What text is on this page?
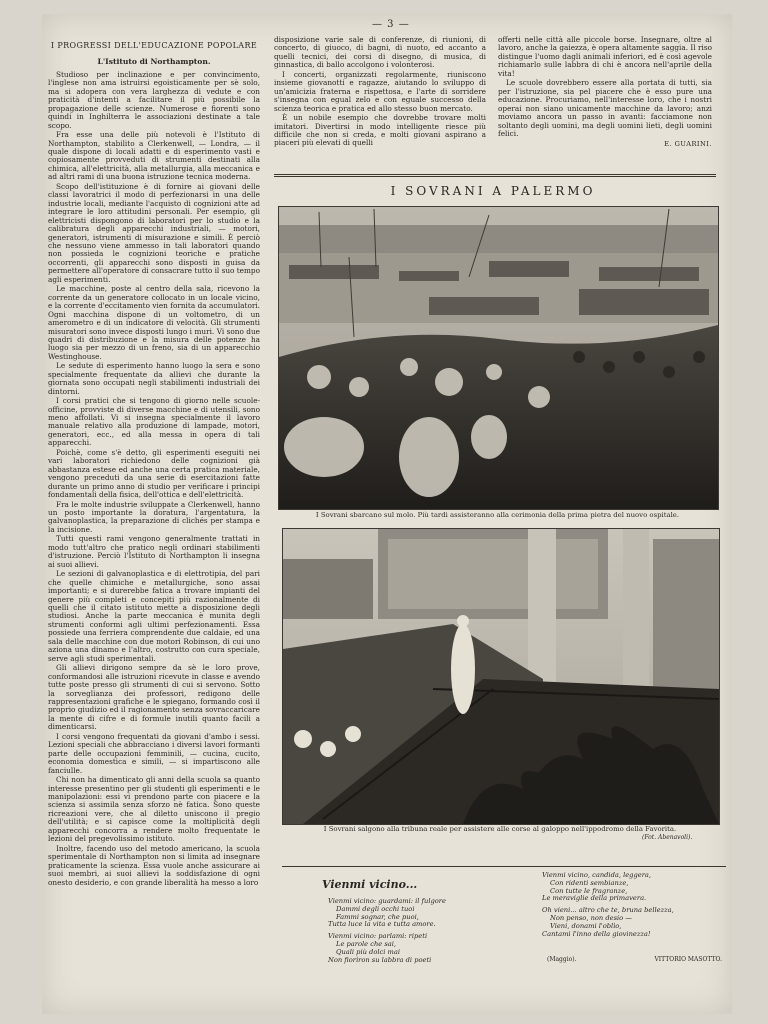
— 3 —
I PROGRESSI DELL'EDUCAZIONE POPOLARE
L'Istituto di Northampton.

Studioso per inclinazione e per convincimento, l'inglese non ama istruirsi egoisticamente per sè solo, ma si adopera con vera larghezza di vedute e con praticità d'intenti a facilitare il più possibile la propagazione delle scienze. Numerose e fiorenti sono quindi in Inghilterra le associazioni destinate a tale scopo.

Fra esse una delle più notevoli è l'Istituto di Northampton, stabilito a Clerkenwell, — Londra, — il quale dispone di locali adatti e di esperimento vasti e copiosamente provveduti di strumenti destinati alla chimica, all'elettricità, alla metallurgia, alla meccanica e ad altri rami di una buona istruzione tecnica moderna.

Scopo dell'istituzione è di fornire ai giovani delle classi lavoratrici il modo di perfezionarsi in una delle industrie locali, mediante l'acquisto di cognizioni atte ad integrare le loro attitudini personali. Per esempio, gli elettricisti dispongono di laboratori per lo studio e la calibratura degli apparecchi industriali, — motori, generatori, istrumenti di misurazione e simili. È perciò che nessuno viene ammesso in tali laboratori quando non possieda le cognizioni teoriche e pratiche occorrenti, gli apparecchi sono disposti in guisa da permettere all'operatore di consacrare tutto il suo tempo agli esperimenti.

Le macchine, poste al centro della sala, ricevono la corrente da un generatore collocato in un locale vicino, e la corrente d'eccitamento vien fornita da accumulatori. Ogni macchina dispone di un voltometro, di un amerometro e di un indicatore di velocità. Gli strumenti misuratori sono invece disposti lungo i muri. Vi sono due quadri di distribuzione e la misura delle potenze ha luogo sia per mezzo di un freno, sia di un apparecchio Westinghouse.

Le sedute di esperimento hanno luogo la sera e sono specialmente frequentate da allievi che durante la giornata sono occupati negli stabilimenti industriali dei dintorni.

I corsi pratici che si tengono di giorno nelle scuole-officine, provviste di diverse macchine e di utensili, sono meno affollati. Vi si insegna specialmente il lavoro manuale relativo alla produzione di lampade, motori, generatori, ecc., ed alla messa in opera di tali apparecchi.

Poichè, come s'è detto, gli esperimenti eseguiti nei vari laboratori richiedono delle cognizioni già abbastanza estese ed anche una certa pratica materiale, vengono preceduti da una serie di esercitazioni fatte durante un primo anno di studio per verificare i principi fondamentali della fisica, dell'ottica e dell'elettricità.

Fra le molte industrie sviluppate a Clerkenwell, hanno un posto importante la doratura, l'argentatura, la galvanoplastica, la preparazione di clichés per stampa e la incisione.

Tutti questi rami vengono generalmente trattati in modo tutt'altro che pratico negli ordinari stabilimenti d'istruzione. Perciò l'Istituto di Northampton li insegna ai suoi allievi.

Le sezioni di galvanoplastica e di elettrotipia, del pari che quelle chimiche e metallurgiche, sono assai importanti; e si durerebbe fatica a trovare impianti del genere più completi e concepiti più razionalmente di quelli che il citato istituto mette a disposizione degli studiosi. Anche la parte meccanica è munita degli strumenti conformi agli ultimi perfezionamenti. Essa possiede una ferriera comprendente due caldaie, ed una sala delle macchine con due motori Robinson, di cui uno aziona una dinamo e l'altro, costrutto con cura speciale, serve agli studi sperimentali.

Gli allievi dirigono sempre da sè le loro prove, conformandosi alle istruzioni ricevute in classe e avendo tutte poste presso gli strumenti di cui si servono. Sotto la sorveglianza dei professori, redigono delle rappresentazioni grafiche e le spiegano, formando così il proprio giudizio ed il ragionamento senza sovraccaricare la mente di cifre e di formule inutili quanto facili a dimenticarsi.

I corsi vengono frequentati da giovani d'ambo i sessi. Lezioni speciali che abbracciano i diversi lavori formanti parte delle occupazioni femminili, — cucina, cucito, economia domestica e simili, — si impartiscono alle fanciulle.

Chi non ha dimenticato gli anni della scuola sa quanto interesse presentino per gli studenti gli esperimenti e le manipolazioni: essi vi prendono parte con piacere e la scienza si assimila senza sforzo nè fatica. Sono queste ricreazioni vere, che al diletto uniscono il pregio dell'utilità; e si capisce come la moltiplicità degli apparecchi concorra a rendere molto frequentate le lezioni del pregevolissimo istituto.

Inoltre, facendo uso del metodo americano, la scuola sperimentale di Northampton non si limita ad insegnare praticamente la scienza. Essa vuole anche assicurare ai suoi membri, ai suoi allievi la soddisfazione di ogni onesto desiderio, e con grande liberalità ha messo a loro

disposizione varie sale di conferenze, di riunioni, di concerto, di giuoco, di bagni, di nuoto, ed accanto a quelli tecnici, dei corsi di disegno, di musica, di ginnastica, di ballo accolgono i volonterosi.

I concerti, organizzati regolarmente, riuniscono insieme giovanotti e ragazze, aiutando lo sviluppo di un'amicizia fraterna e rispettosa, e l'arte di sorridere s'insegna con egual zelo e con eguale successo della scienza teorica e pratica ed allo stesso buon mercato.

È un nobile esempio che dovrebbe trovare molti imitatori. Divertirsi in modo intelligente riesce più difficile che non si creda, e molti giovani aspirano a piaceri più elevati di quelli

offerti nelle città alle piccole borse. Insegnare, oltre al lavoro, anche la gaiezza, è opera altamente saggia. Il riso distingue l'uomo dagli animali inferiori, ed è così agevole richiamarlo sulle labbra di chi è ancora nell'aprile della vita!

Le scuole dovrebbero essere alla portata di tutti, sia per l'istruzione, sia pel piacere che è esso pure una educazione. Procuriamo, nell'interesse loro, che i nostri operai non siano unicamente macchine da lavoro; anzi moviamo ancora un passo in avanti: facciamone non soltanto degli uomini, ma degli uomini lieti, degli uomini felici.

E. GUARINI.
I SOVRANI A PALERMO
I Sovrani sbarcano sul molo. Più tardi assisteranno alla cerimonia della prima pietra del nuovo ospitale.
I Sovrani salgono alla tribuna reale per assistere alle corse al galoppo nell'ippodromo della Favorita.
(Fot. Abenavoli).
Vienmi vicino...
Vienmi vicino: guardami: il fulgore
Dammi degli occhi tuoi
Fammi sognar, che puoi,
Tutta luce la vita e tutta amore.
Vienmi vicino: parlami: ripeti
Le parole che sai,
Quali più dolci mai
Non fiorìron su labbra di poeti
Vienmi vicino, candida, leggera,
Con ridenti sembianze,
Con tutte le fragranze,
Le meraviglie della primavera.
Oh vieni... altro che te, bruna bellezza,
Non penso, non desio —
Vieni, donami l'oblìo,
Cantami l'inno della giovinezza!
(Maggio).	VITTORIO MASOTTO.
